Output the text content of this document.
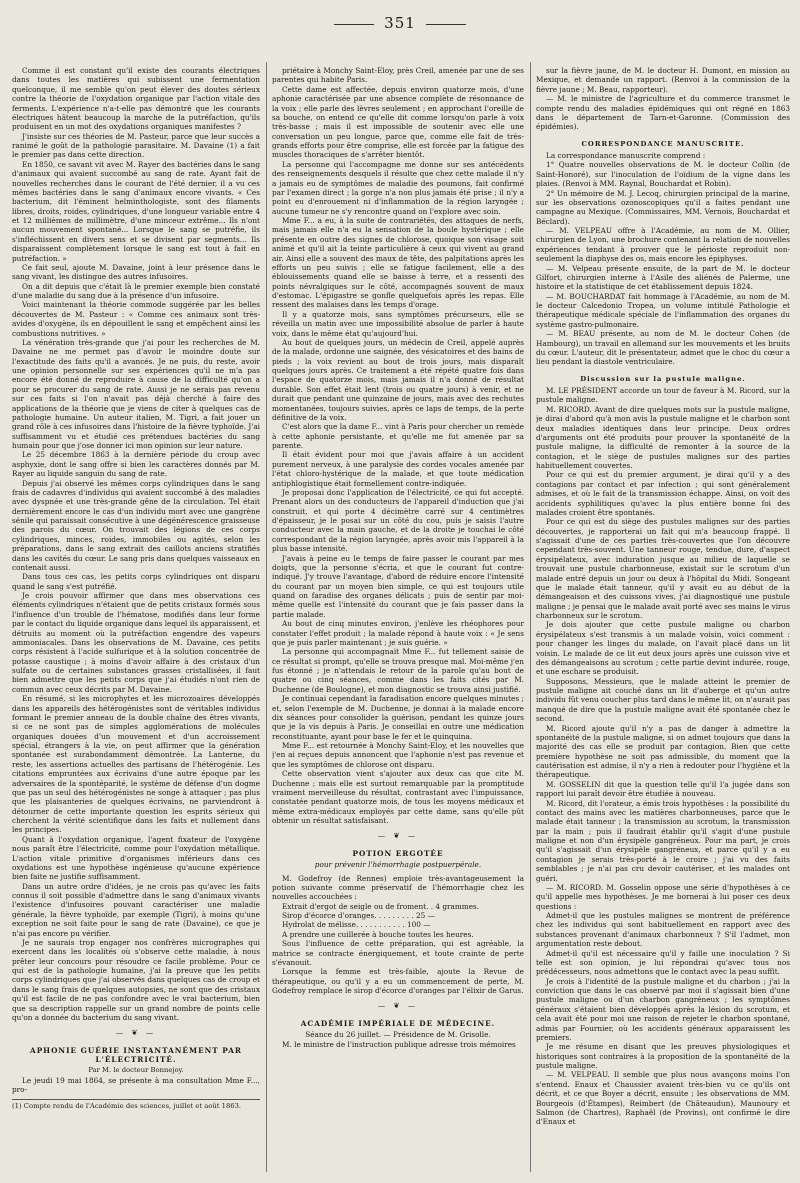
351

Comme il est constant qu'il existe des courants électriques dans toutes les matières qui subissent une fermentation quelconque, il me semble qu'on peut élever des doutes sérieux contre la théorie de l'oxydation organique par l'action vitale des ferments. L'expérience n'a-t-elle pas démontré que les courants électriques hâtent beaucoup la marche de la putréfaction, qu'ils produisent en un mot des oxydations organiques manifestes ?

J'insiste sur ces théories de M. Pasteur, parce que leur succès a ranimé le goût de la pathologie parasitaire. M. Davaine (1) a fait le premier pas dans cette direction.

En 1850, ce savant vit avec M. Rayer des bactéries dans le sang d'animaux qui avaient succombé au sang de rate. Ayant fait de nouvelles recherches dans le courant de l'été dernier, il a vu ces mêmes bactéries dans le sang d'animaux encore vivants. « Ces bacterium, dit l'éminent helminthologiste, sont des filaments libres, droits, roides, cylindriques, d'une longueur variable entre 4 et 12 millièmes de millimètre, d'une minceur extrême... Ils n'ont aucun mouvement spontané... Lorsque le sang se putréfie, ils s'infléchissent en divers sens et se divisent par segments... Ils disparaissent complètement lorsque le sang est tout à fait en putréfaction. »

Ce fait seul, ajoute M. Davaine, joint à leur présence dans le sang vivant, les distingue des autres infusoires.

On a dit depuis que c'était là le premier exemple bien constaté d'une maladie du sang due à la présence d'un infusoire.

Voici maintenant la théorie commode suggérée par les belles découvertes de M. Pasteur : « Comme ces animaux sont très-avides d'oxygène, ils en dépouillent le sang et empêchent ainsi les combustions nutritives. »

La vénération très-grande que j'ai pour les recherches de M. Davaine ne me permet pas d'avoir le moindre doute sur l'exactitude des faits qu'il a avancés. Je ne puis, du reste, avoir une opinion personnelle sur ses expériences qu'il ne m'a pas encore été donné de reproduire à cause de la difficulté qu'on a pour se procurer du sang de rate. Aussi je ne serais pas revenu sur ces faits si l'on n'avait pas déjà cherché à faire des applications de la théorie que je viens de citer à quelques cas de pathologie humaine. Un auteur italien, M. Tigri, a fait jouer un grand rôle à ces infusoires dans l'histoire de la fièvre typhoïde. J'ai suffisamment vu et étudié ces prétendues bactéries du sang humain pour que j'ose donner ici mon opinion sur leur nature.

Le 25 décembre 1863 à la dernière période du croup avec asphyxie, dont le sang offre si bien les caractères donnés par M. Rayer au liquide sanguin du sang de rate.

Depuis j'ai observé les mêmes corps cylindriques dans le sang frais de cadavres d'individus qui avaient succombé à des maladies avec dyspnée et une très-grande gêne de la circulation. Tel était dernièrement encore le cas d'un individu mort avec une gangrène sénile qui paraissait consécutive à une dégénérescence graisseuse des parois du cœur. On trouvait des légions de ces corps cylindriques, minces, roides, immobiles ou agités, selon les préparations, dans le sang extrait des caillots anciens stratifiés dans les cavités du cœur. Le sang pris dans quelques vaisseaux en contenait aussi.

Dans tous ces cas, les petits corps cylindriques ont disparu quand le sang s'est putréfié.

Je crois pouvoir affirmer que dans mes observations ces éléments cylindriques n'étaient que de petits cristaux formés sous l'influence d'un trouble de l'hématose, modifiés dans leur forme par le contact du liquide organique dans lequel ils apparaissent, et détruits au moment où la putréfaction engendre des vapeurs ammoniacales. Dans les observations de M. Davaine, ces petits corps résistent à l'acide sulfurique et à la solution concentrée de potasse caustique ; à moins d'avoir affaire à des cristaux d'un sulfate ou de certaines substances grasses cristallisées, il faut bien admettre que les petits corps que j'ai étudiés n'ont rien de commun avec ceux décrits par M. Davaine.

En résumé, si les microphytes et les microzoaires développés dans les appareils des hétérogénistes sont de véritables individus formant le premier anneau de la double chaîne des êtres vivants, si ce ne sont pas de simples agglomérations de molécules organiques douées d'un mouvement et d'un accroissement spécial, étrangers à la vie, on peut affirmer que la génération spontanée est surabondamment démontrée. La Lanterne, du reste, les assertions actuelles des partisans de l'hétérogénie. Les citations empruntées aux écrivains d'une autre époque par les adversaires de la spontéparité, le système de défense d'un dogme que pas un seul des hétérogénistes ne songe à attaquer ; pas plus que les plaisanteries de quelques écrivains, ne parviendront à détourner de cette importante question les esprits sérieux qui cherchent la vérité scientifique dans les faits et nullement dans les principes.

Quant à l'oxydation organique, l'agent fixateur de l'oxygène nous paraît être l'électricité, comme pour l'oxydation métallique. L'action vitale primitive d'organismes inférieurs dans ces oxydations est une hypothèse ingénieuse qu'aucune expérience bien faite ne justifie suffisamment.

Dans un autre ordre d'idées, je ne crois pas qu'avec les faits connus il soit possible d'admettre dans le sang d'animaux vivants l'existence d'infusoires pouvant caractériser une maladie générale, la fièvre typhoïde, par exemple (Tigri), à moins qu'une exception ne soit faite pour le sang de rate (Davaine), ce que je n'ai pas encore pu vérifier.

Je ne saurais trop engager nos confrères micrographes qui exercent dans les localités où s'observe cette maladie, à nous prêter leur concours pour résoudre ce facile problème. Pour ce qui est de la pathologie humaine, j'ai la preuve que les petits corps cylindriques que j'ai observés dans quelques cas de croup et dans le sang frais de quelques autopsies, ne sont que des cristaux qu'il est facile de ne pas confondre avec le vrai bacterium, bien que sa description rappelle sur un grand nombre de points celle qu'on a donnée du bacterium du sang vivant.

— ❦ —

APHONIE GUÉRIE INSTANTANÉMENT PAR L'ÉLECTRICITÉ.

Par M. le docteur Bonnejoy.

Le jeudi 19 mai 1864, se présente à ma consultation Mme F..., pro-

(1) Compte rendu de l'Académie des sciences, juillet et août 1863.

priétaire à Monchy Saint-Eloy, près Creil, amenée par une de ses parentes qui habite Paris.

Cette dame est affectée, depuis environ quatorze mois, d'une aphonie caractérisée par une absence complète de résonnance de la voix ; elle parle des lèvres seulement ; en approchant l'oreille de sa bouche, on entend ce qu'elle dit comme lorsqu'on parle à voix très-basse ; mais il est impossible de soutenir avec elle une conversation un peu longue, parce que, comme elle fait de très-grands efforts pour être comprise, elle est forcée par la fatigue des muscles thoraciques de s'arrêter bientôt.

La personne qui l'accompagne me donne sur ses antécédents des renseignements desquels il résulte que chez cette malade il n'y a jamais eu de symptômes de maladie des poumons, fait confirmé par l'examen direct ; la gorge n'a non plus jamais été prise ; il n'y a point eu d'enrouement ni d'inflammation de la région laryngée ; aucune tumeur ne s'y rencontre quand on l'explore avec soin.

Mme F... a eu, à la suite de contrariétés, des attaques de nerfs, mais jamais elle n'a eu la sensation de la boule hystérique ; elle présente en outre des signes de chlorose, quoique son visage soit animé et qu'il ait la teinte particulière à ceux qui vivent au grand air. Ainsi elle a souvent des maux de tête, des palpitations après les efforts un peu suivis ; elle se fatigue facilement, elle a des éblouissements quand elle se baisse à terre, et a ressenti des points névralgiques sur le côté, accompagnés souvent de maux d'estomac. L'épigastre se gonfle quelquefois après les repas. Elle ressent des malaises dans les temps d'orage.

Il y a quatorze mois, sans symptômes précurseurs, elle se réveilla un matin avec une impossibilité absolue de parler à haute voix, dans le même état qu'aujourd'hui.

Au bout de quelques jours, un médecin de Creil, appelé auprès de la malade, ordonne une saignée, des vésicatoires et des bains de pieds ; la voix revient au bout de trois jours, mais disparaît quelques jours après. Ce traitement a été répété quatre fois dans l'espace de quatorze mois, mais jamais il n'a donné de résultat durable. Son effet était lent (trois ou quatre jours) à venir, et ne durait que pendant une quinzaine de jours, mais avec des rechutes momentanées, toujours suivies, après ce laps de temps, de la perte définitive de la voix.

C'est alors que la dame F... vint à Paris pour chercher un remède à cette aphonie persistante, et qu'elle me fut amenée par sa parente.

Il était évident pour moi que j'avais affaire à un accident purement nerveux, à une paralysie des cordes vocales amenée par l'état chloro-hystérique de la malade, et que toute médication antiphlogistique était formellement contre-indiquée.

Je proposai donc l'application de l'électricité, ce qui fut accepté. Prenant alors un des conducteurs de l'appareil d'induction que j'ai construit, et qui porte 4 décimètre carré sur 4 centimètres d'épaisseur, je le posai sur un côté du cou, puis je saisis l'autre conducteur avec la main gauche, et de la droite je touchai le côté correspondant de la région laryngée, après avoir mis l'appareil à la plus basse intensité.

J'avais à peine eu le temps de faire passer le courant par mes doigts, que la personne s'écria, et que le courant fut contre-indiqué. J'y trouve l'avantage, d'abord de réduire encore l'intensité du courant par un moyen bien simple, ce qui est toujours utile quand on faradise des organes délicats ; puis de sentir par moi-même quelle est l'intensité du courant que je fais passer dans la partie malade.

Au bout de cinq minutes environ, j'enlève les rhéophores pour constater l'effet produit ; la malade répond à haute voix : « Je sens que je puis parler maintenant ; je suis guérie. »

La personne qui accompagnait Mme F... fut tellement saisie de ce résultat si prompt, qu'elle se trouva presque mal. Moi-même j'en fus étonné ; je n'attendais le retour de la parole qu'au bout de quatre ou cinq séances, comme dans les faits cités par M. Duchenne (de Boulogne), et mon diagnostic se trouva ainsi justifié.

Je continuai cependant la faradisation encore quelques minutes ; et, selon l'exemple de M. Duchenne, je donnai à la malade encore dix séances pour consolider la guérison, pendant les quinze jours que je la vis depuis à Paris. Je conseillai en outre une médication reconstituante, ayant pour base le fer et le quinquina.

Mme F... est retournée à Monchy Saint-Eloy, et les nouvelles que j'en ai reçues depuis annoncent que l'aphonie n'est pas revenue et que les symptômes de chlorose ont disparu.

Cette observation vient s'ajouter aux deux cas que cite M. Duchenne ; mais elle est surtout remarquable par la promptitude vraiment merveilleuse du résultat, contrastant avec l'impuissance, constatée pendant quatorze mois, de tous les moyens médicaux et même extra-médicaux employés par cette dame, sans qu'elle pût obtenir un résultat satisfaisant.

— ❦ —

POTION ERGOTÉE

pour prévenir l'hémorrhagie postpuerpérale.

M. Godefroy (de Rennes) emploie très-avantageusement la potion suivante comme préservatif de l'hémorrhagie chez les nouvelles accouchées :

Extrait d'ergot de seigle ou de froment. . 4 grammes.

Sirop d'écorce d'oranges. . . . . . . . . 25 —

Hydrolat de mélisse. . . . . . . . . . . 100 —

A prendre une cuillerée à bouche toutes les heures.

Sous l'influence de cette préparation, qui est agréable, la matrice se contracte énergiquement, et toute crainte de perte s'évanouit.

Lorsque la femme est très-faible, ajoute la Revue de thérapeutique, ou qu'il y a eu un commencement de perte, M. Godefroy remplace le sirop d'écorce d'oranges par l'élixir de Garus.

— ❦ —

ACADÉMIE IMPÉRIALE DE MÉDECINE.

Séance du 26 juillet. — Présidence de M. Grisolle.

M. le ministre de l'instruction publique adresse trois mémoires

sur la fièvre jaune, de M. le docteur H. Dumont, en mission au Mexique, et demande un rapport. (Renvoi à la commission de la fièvre jaune ; M. Beau, rapporteur).

— M. le ministre de l'agriculture et du commerce transmet le compte rendu des maladies épidémiques qui ont régné en 1863 dans le département de Tarn-et-Garonne. (Commission des épidémies).

CORRESPONDANCE MANUSCRITE.

La correspondance manuscrite comprend :

1° Quatre nouvelles observations de M. le docteur Collin (de Saint-Honoré), sur l'inoculation de l'oïdium de la vigne dans les plaies. (Renvoi à MM. Raynal, Bouchardat et Robin).

2° Un mémoire de M. J. Lecoq, chirurgien principal de la marine, sur les observations ozonoscopiques qu'il a faites pendant une campagne au Mexique. (Commissaires, MM. Vernois, Bouchardat et Béclard).

— M. VELPEAU offre à l'Académie, au nom de M. Ollier, chirurgien de Lyon, une brochure contenant la relation de nouvelles expériences tendant à prouver que le périoste reproduit non-seulement la diaphyse des os, mais encore les épiphyses.

— M. Velpeau présente ensuite, de la part de M. le docteur Gilfort, chirurgien interne à l'Asile des aliénés de Palerme, une histoire et la statistique de cet établissement depuis 1824.

— M. BOUCHARDAT fait hommage à l'Académie, au nom de M. le docteur Calcedonio Tropea, un volume intitulé Pathologie et thérapeutique médicale spéciale de l'inflammation des organes du système gastro-pulmonaire.

— M. BEAU présente, au nom de M. le docteur Cohen (de Hambourg), un travail en allemand sur les mouvements et les bruits du cœur. L'auteur, dit le présentateur, admet que le choc du cœur a lieu pendant la diastole ventriculaire.

Discussion sur la pustule maligne.

M. LE PRÉSIDENT accorde un tour de faveur à M. Ricord, sur la pustule maligne.

M. RICORD. Avant de dire quelques mots sur la pustule maligne, je dirai d'abord qu'à mon avis la pustule maligne et le charbon sont deux maladies identiques dans leur principe. Deux ordres d'arguments ont été produits pour prouver la spontanéité de la pustule maligne, la difficulté de remonter à la source de la contagion, et le siège de pustules malignes sur des parties habituellement couvertes.

Pour ce qui est du premier argument, je dirai qu'il y a des contagions par contact et par infection ; qui sont généralement admises, et où le fait de la transmission échappe. Ainsi, on voit des accidents syphilitiques qu'avec la plus entière bonne foi des malades croient être spontanés.

Pour ce qui est du siège des pustules malignes sur des parties découvertes, je rapporterai un fait qui m'a beaucoup frappé. Il s'agissait d'une de ces parties très-couvertes que l'on découvre cependant très-souvent. Une tanneur rouge, tendue, dure, d'aspect érysipélateux, avec induration jusque au milieu de laquelle se trouvait une pustule charbonneuse, existait sur le scrotum d'un malade entré depuis un jour ou deux à l'hôpital du Midi. Songeant que le malade était tanneur, qu'il y avait eu au début de la démangeaison et des cuissons vives, j'ai diagnostiqué une pustule maligne ; je pensai que le malade avait porté avec ses mains le virus charbonneux sur le scrotum.

Je dois ajouter que cette pustule maligne ou charbon érysipélateux s'est transmis à un malade voisin, voici comment : pour changer les linges du malade, on l'avait placé dans un lit voisin. Le malade de ce lit eut deux jours après une cuisson vive et des démangeaisons au scrotum ; cette partie devint indurée, rouge, et une eschare se produisit.

Supposons, Messieurs, que le malade atteint le premier de pustule maligne ait couché dans un lit d'auberge et qu'un autre individu fût venu coucher plus tard dans le même lit, on n'aurait pas manqué de dire que la pustule maligne avait été spontanée chez le second.

M. Ricord ajoute qu'il n'y a pas de danger à admettre la spontanéité de la pustule maligne, si on admet toujours que dans la majorité des cas elle se produit par contagion. Bien que cette première hypothèse ne soit pas admissible, du moment que la cautérisation est admise, il n'y a rien à redouter pour l'hygiène et la thérapeutique.

M. GOSSELIN dit que la question telle qu'il l'a jugée dans son rapport lui paraît devoir être étudiée à nouveau.

M. Ricord, dit l'orateur, a émis trois hypothèses : la possibilité du contact des mains avec les matières charbonneuses, parce que le malade était tanneur ; la transmission au scrotum, la transmission par la main ; puis il faudrait établir qu'il s'agit d'une pustule maligne et non d'un érysipèle gangréneux. Pour ma part, je crois qu'il s'agissait d'un érysipèle gangréneux, et parce qu'il y a eu contagion je serais très-porté à le croire ; j'ai vu des faits semblables ; je n'ai pas cru devoir cautériser, et les malades ont guéri.

— M. RICORD. M. Gosselin oppose une série d'hypothèses à ce qu'il appelle mes hypothèses. Je me bornerai à lui poser ces deux questions :

Admet-il que les pustules malignes se montrent de préférence chez les individus qui sont habituellement en rapport avec des substances provenant d'animaux charbonneux ? S'il l'admet, mon argumentation reste debout.

Admet-il qu'il est nécessaire qu'il y faille une inoculation ? Si telle est son opinion, je lui répondrai qu'avec tous nos prédécesseurs, nous admettons que le contact avec la peau suffit.

Je crois à l'identité de la pustule maligne et du charbon ; j'ai la conviction que dans le cas observé par moi il s'agissait bien d'une pustule maligne ou d'un charbon gangréneux ; les symptômes généraux s'étaient bien développés après la lésion du scrotum, et cela avait été pour moi une raison de rejeter le charbon spontané, admis par Fournier, où les accidents généraux apparaissent les premiers.

Je me résume en disant que les preuves physiologiques et historiques sont contraires à la proposition de la spontanéité de la pustule maligne.

— M. VELPEAU. Il semble que plus nous avançons moins l'on s'entend. Enaux et Chaussier avaient très-bien vu ce qu'ils ont décrit, et ce que Boyer a décrit, ensuite ; les observations de MM. Bourgeois (d'Étampes), Reimbert (de Châteaudun), Maunoury et Salmon (de Chartres), Raphaël (de Provins), ont confirmé le dire d'Enaux et
